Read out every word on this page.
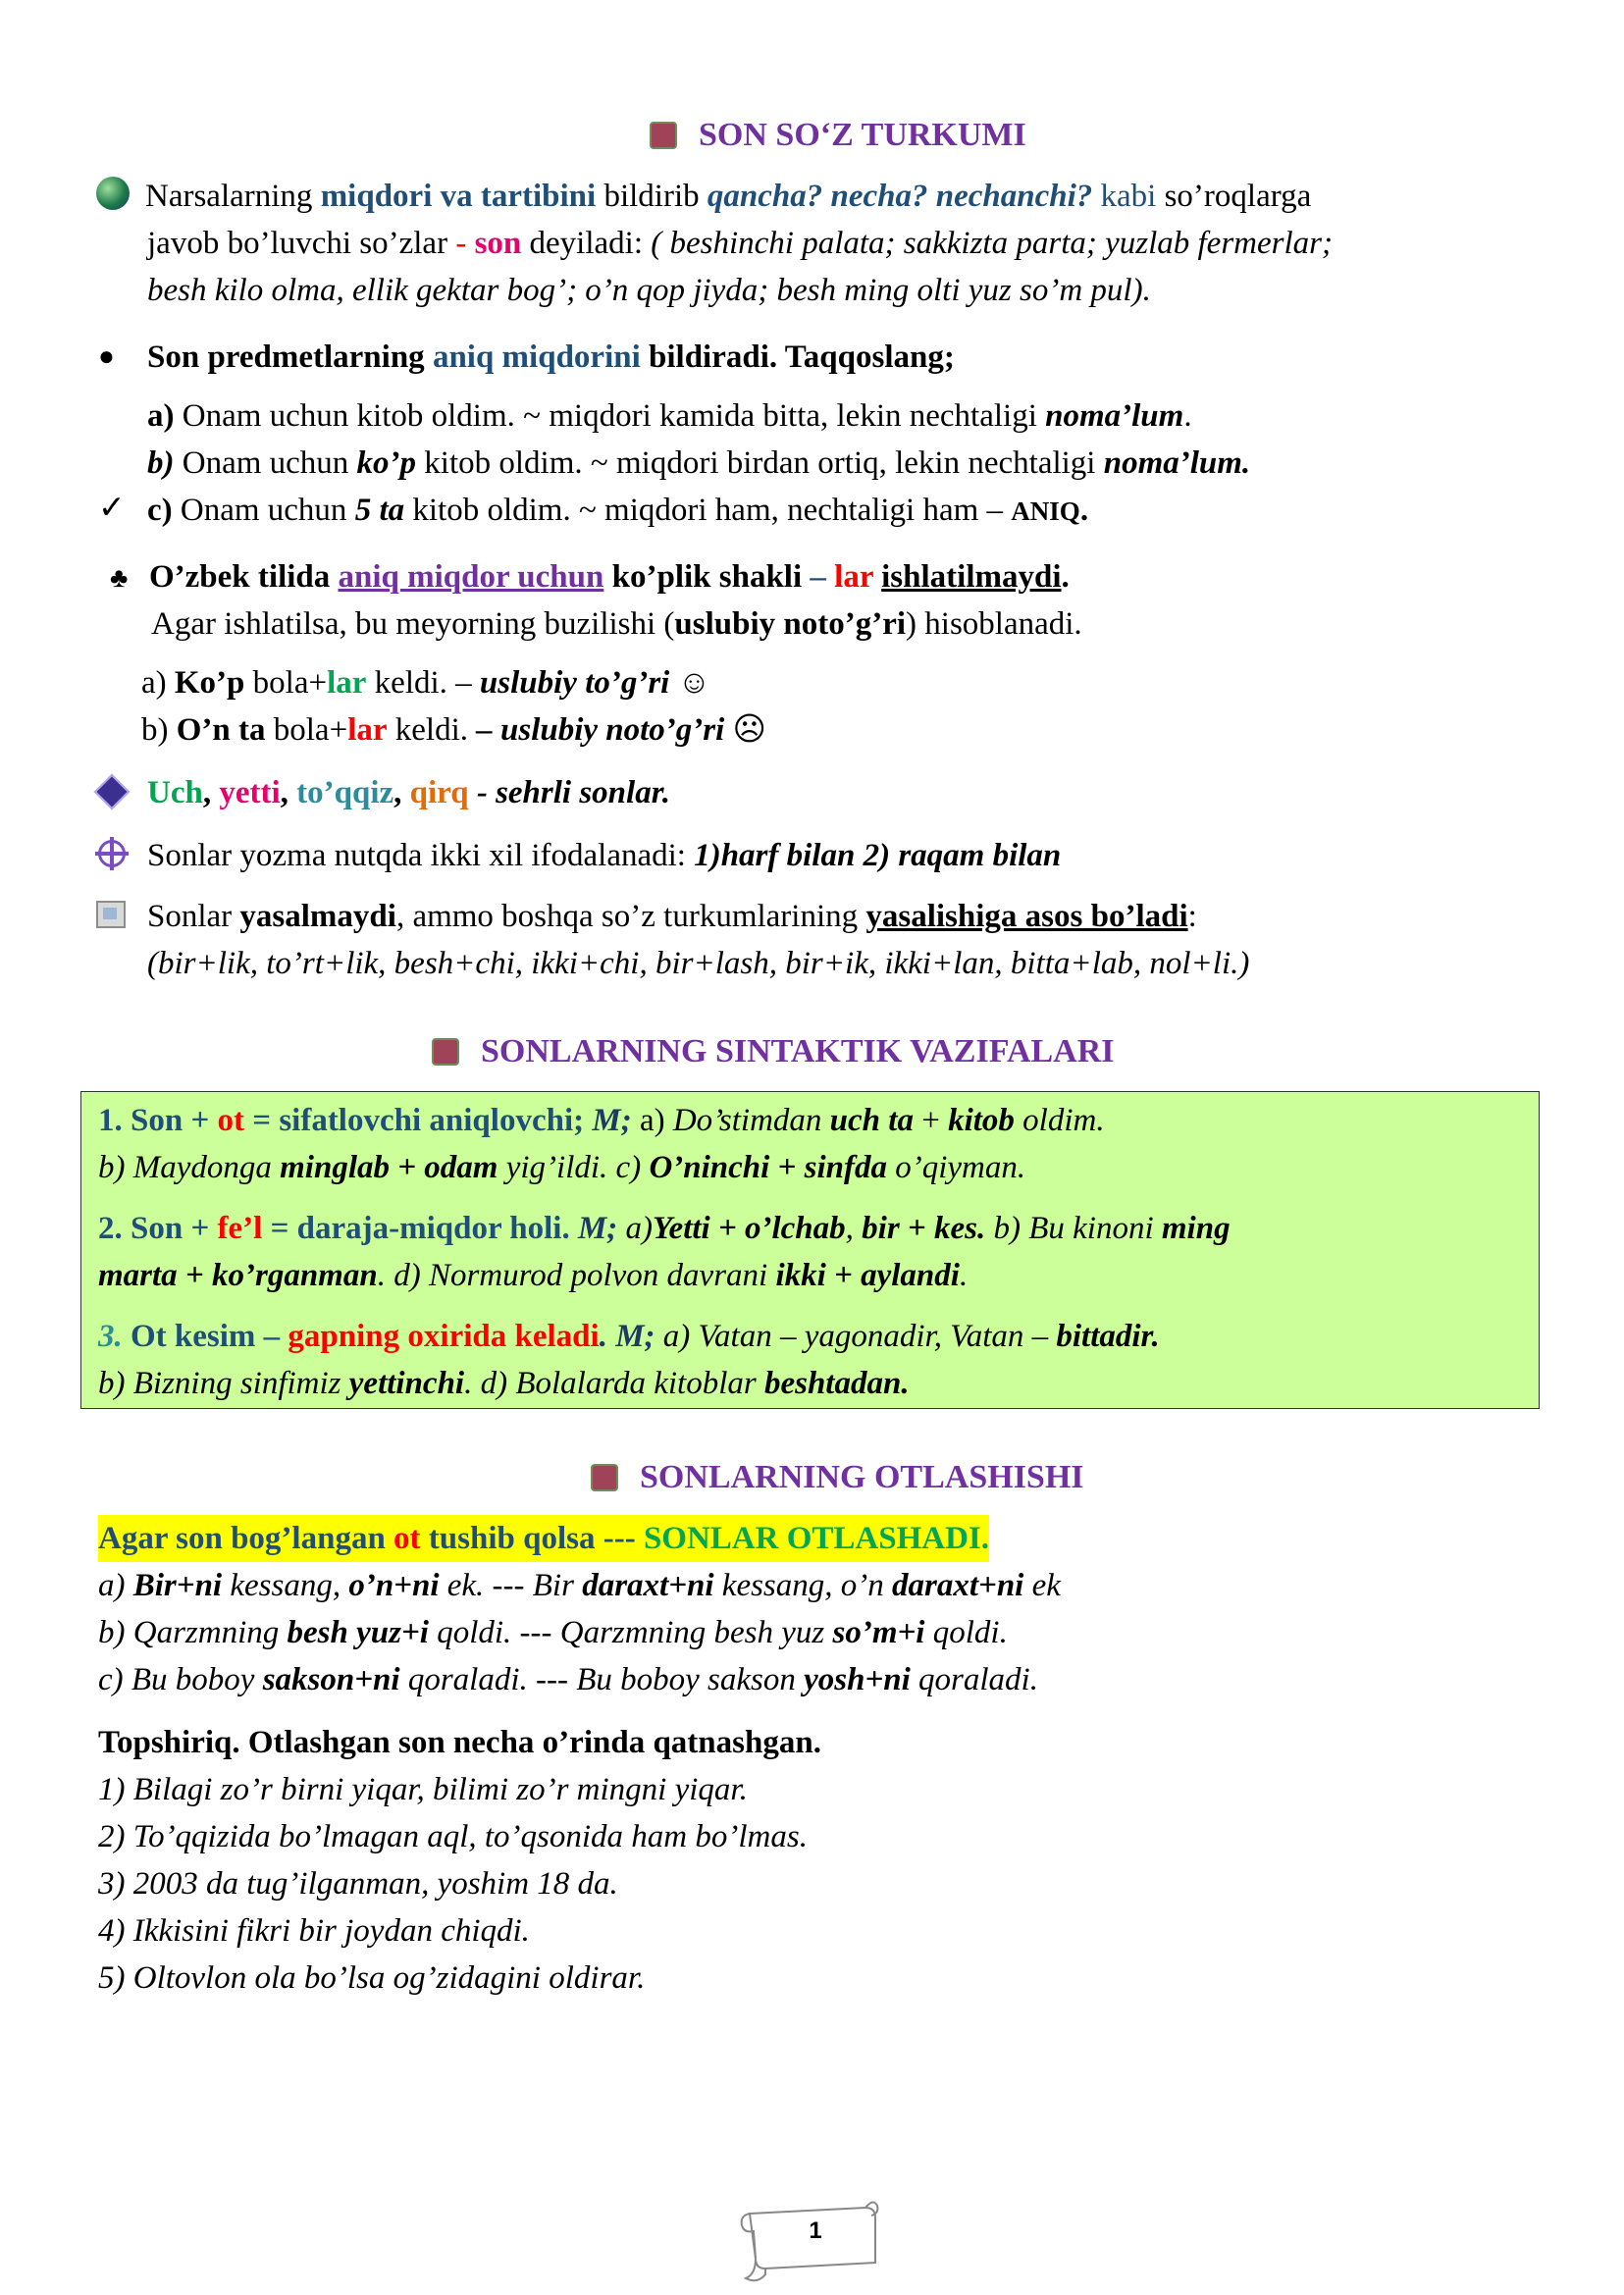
SON SO‘Z TURKUMI
Narsalarning miqdori va tartibini bildirib qancha? necha? nechanchi? kabi so’roqlarga
javob bo’luvchi so’zlar - son deyiladi: ( beshinchi palata; sakkizta parta; yuzlab fermerlar;
besh kilo olma, ellik gektar bog’; o’n qop jiyda; besh ming olti yuz so’m pul).
● Son predmetlarning aniq miqdorini bildiradi. Taqqoslang;
a) Onam uchun kitob oldim. ~ miqdori kamida bitta, lekin nechtaligi noma’lum.
b) Onam uchun ko’p kitob oldim. ~ miqdori birdan ortiq, lekin nechtaligi noma’lum.
✓ c) Onam uchun 5 ta kitob oldim. ~ miqdori ham, nechtaligi ham – ANIQ.
♣ O’zbek tilida aniq miqdor uchun ko’plik shakli – lar ishlatilmaydi.
Agar ishlatilsa, bu meyorning buzilishi (uslubiy noto’g’ri) hisoblanadi.
a) Ko’p bola+lar keldi. – uslubiy to’g’ri ☺
b) O’n ta bola+lar keldi. – uslubiy noto’g’ri ☹
Uch, yetti, to’qqiz, qirq - sehrli sonlar.
Sonlar yozma nutqda ikki xil ifodalanadi: 1)harf bilan 2) raqam bilan
Sonlar yasalmaydi, ammo boshqa so’z turkumlarining yasalishiga asos bo’ladi:
(bir+lik, to’rt+lik, besh+chi, ikki+chi, bir+lash, bir+ik, ikki+lan, bitta+lab, nol+li.)
SONLARNING SINTAKTIK VAZIFALARI
1. Son + ot = sifatlovchi aniqlovchi; M; a) Do’stimdan uch ta + kitob oldim.
b) Maydonga minglab + odam yig’ildi. c) O’ninchi + sinfda o’qiyman.
2. Son + fe’l = daraja-miqdor holi. M; a)Yetti + o’lchab, bir + kes. b) Bu kinoni ming
marta + ko’rganman. d) Normurod polvon davrani ikki + aylandi.
3. Ot kesim – gapning oxirida keladi. M; a) Vatan – yagonadir, Vatan – bittadir.
b) Bizning sinfimiz yettinchi. d) Bolalarda kitoblar beshtadan.
SONLARNING OTLASHISHI
Agar son bog’langan ot tushib qolsa --- SONLAR OTLASHADI.
a) Bir+ni kessang, o’n+ni ek. --- Bir daraxt+ni kessang, o’n daraxt+ni ek
b) Qarzmning besh yuz+i qoldi. --- Qarzmning besh yuz so’m+i qoldi.
c) Bu boboy sakson+ni qoraladi. --- Bu boboy sakson yosh+ni qoraladi.
Topshiriq. Otlashgan son necha o’rinda qatnashgan.
1) Bilagi zo’r birni yiqar, bilimi zo’r mingni yiqar.
2) To’qqizida bo’lmagan aql, to’qsonida ham bo’lmas.
3) 2003 da tug’ilganman, yoshim 18 da.
4) Ikkisini fikri bir joydan chiqdi.
5) Oltovlon ola bo’lsa og’zidagini oldirar.
1
